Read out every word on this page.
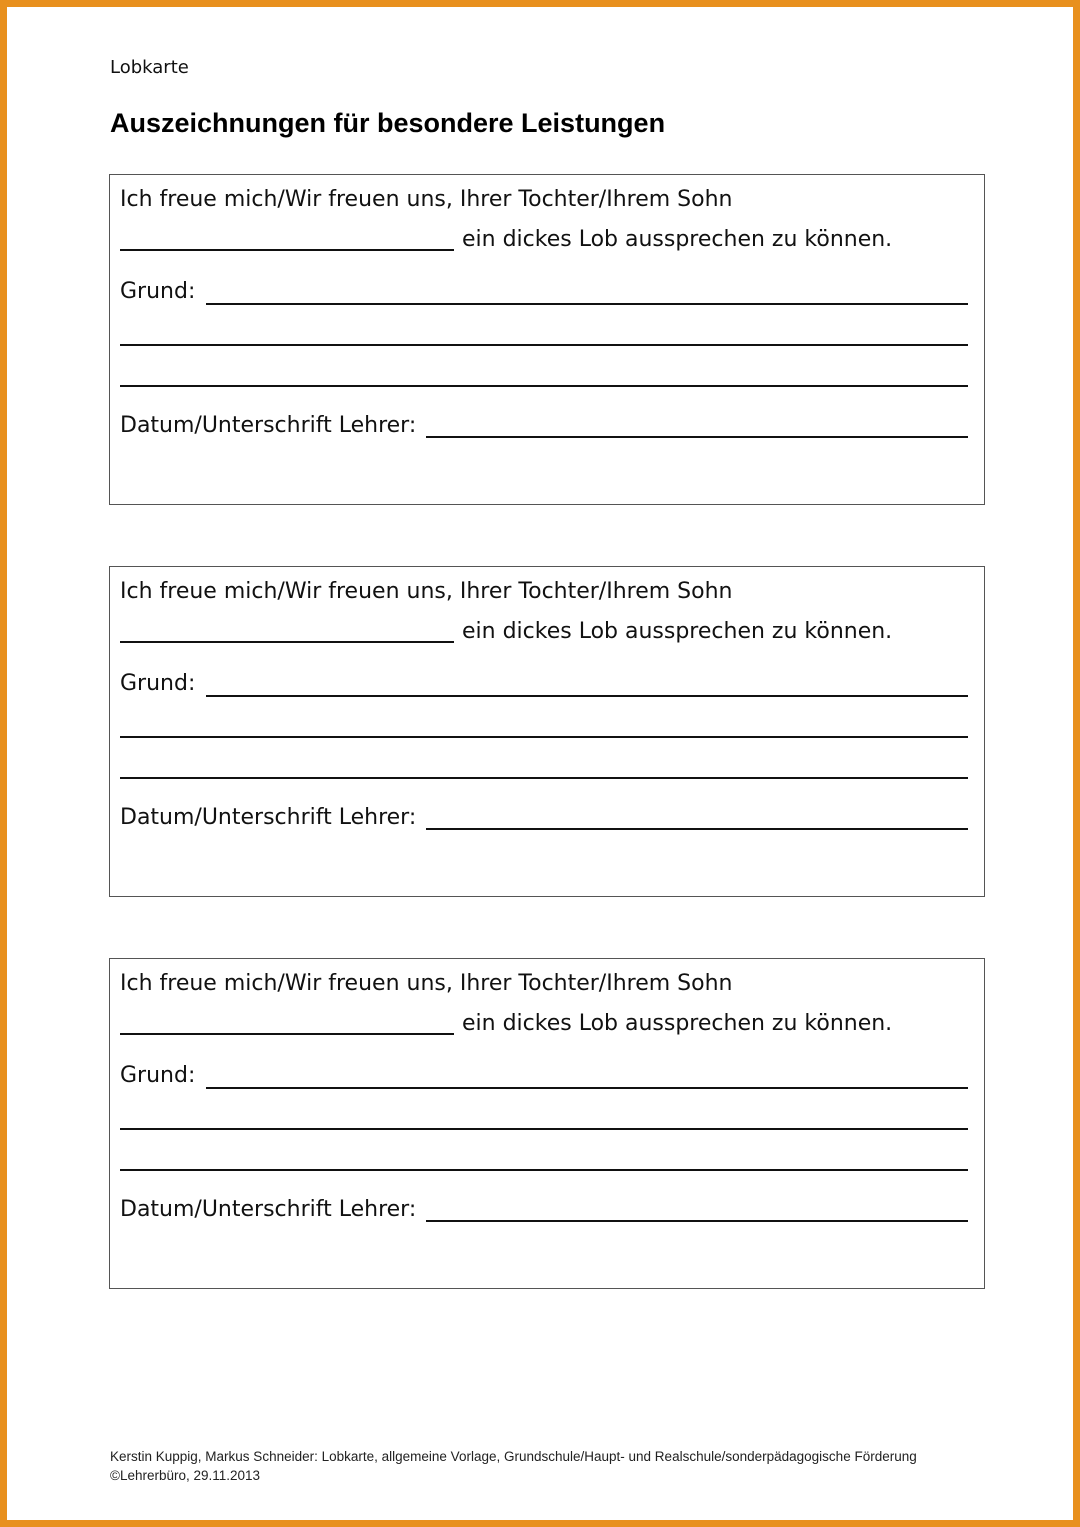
Lobkarte
Auszeichnungen für besondere Leistungen
Ich freue mich/Wir freuen uns, Ihrer Tochter/Ihrem Sohn
ein dickes Lob aussprechen zu können.
Grund:
Datum/Unterschrift Lehrer:
Ich freue mich/Wir freuen uns, Ihrer Tochter/Ihrem Sohn
ein dickes Lob aussprechen zu können.
Grund:
Datum/Unterschrift Lehrer:
Ich freue mich/Wir freuen uns, Ihrer Tochter/Ihrem Sohn
ein dickes Lob aussprechen zu können.
Grund:
Datum/Unterschrift Lehrer:
Kerstin Kuppig, Markus Schneider: Lobkarte, allgemeine Vorlage, Grundschule/Haupt- und Realschule/sonderpädagogische Förderung
©Lehrerbüro, 29.11.2013
